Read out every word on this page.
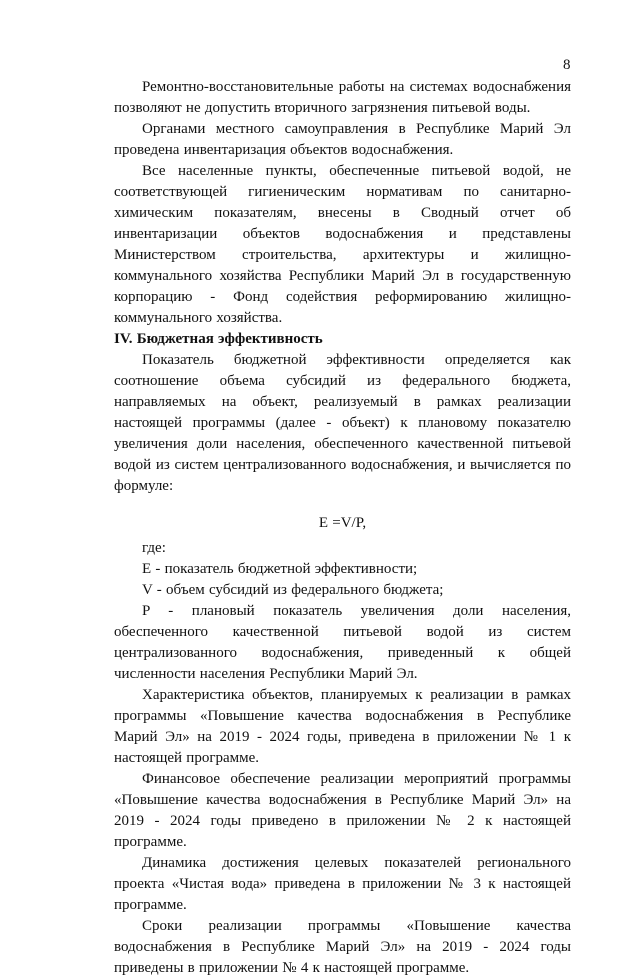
8

Ремонтно-восстановительные работы на системах водоснабжения позволяют не допустить вторичного загрязнения питьевой воды.

Органами местного самоуправления в Республике Марий Эл проведена инвентаризация объектов водоснабжения.

Все населенные пункты, обеспеченные питьевой водой, не соответствующей гигиеническим нормативам по санитарно-химическим показателям, внесены в Сводный отчет об инвентаризации объектов водоснабжения и представлены Министерством строительства, архитектуры и жилищно-коммунального хозяйства Республики Марий Эл в государственную корпорацию - Фонд содействия реформированию жилищно-коммунального хозяйства.

IV. Бюджетная эффективность

Показатель бюджетной эффективности определяется как соотношение объема субсидий из федерального бюджета, направляемых на объект, реализуемый в рамках реализации настоящей программы (далее - объект) к плановому показателю увеличения доли населения, обеспеченного качественной питьевой водой из систем централизованного водоснабжения, и вычисляется по формуле:

E =V/P,

где:

E - показатель бюджетной эффективности;

V - объем субсидий из федерального бюджета;

P - плановый показатель увеличения доли населения, обеспеченного качественной питьевой водой из систем централизованного водоснабжения, приведенный к общей численности населения Республики Марий Эл.

Характеристика объектов, планируемых к реализации в рамках программы «Повышение качества водоснабжения в Республике Марий Эл» на 2019 - 2024 годы, приведена в приложении № 1 к настоящей программе.

Финансовое обеспечение реализации мероприятий программы «Повышение качества водоснабжения в Республике Марий Эл» на 2019 - 2024 годы приведено в приложении № 2 к настоящей программе.

Динамика достижения целевых показателей регионального проекта «Чистая вода» приведена в приложении № 3 к настоящей программе.

Сроки реализации программы «Повышение качества водоснабжения в Республике Марий Эл» на 2019 - 2024 годы приведены в приложении № 4 к настоящей программе.
